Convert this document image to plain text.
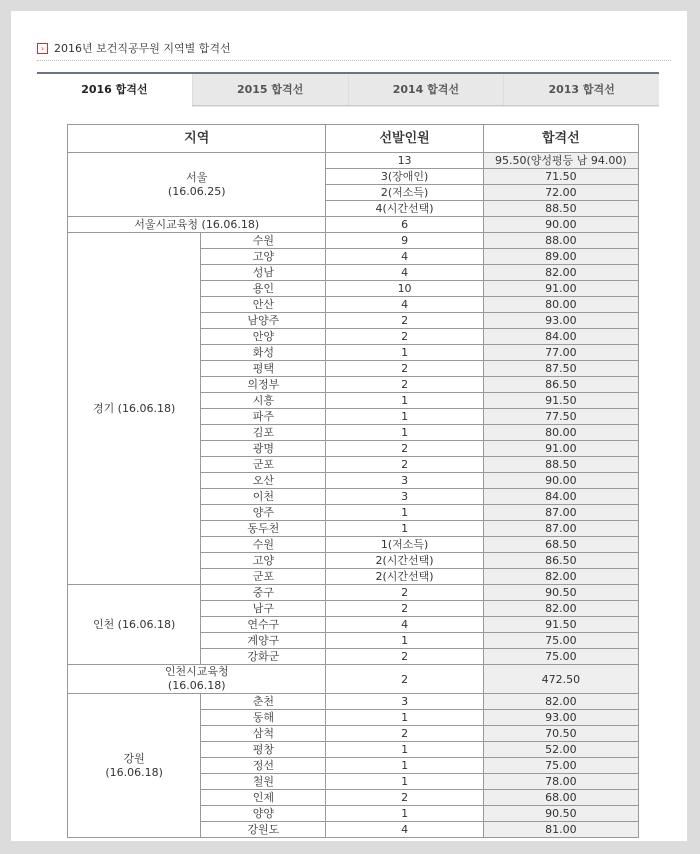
› 2016년 보건직공무원 지역별 합격선
2016 합격선	2015 합격선	2014 합격선	2013 합격선
지역		선발인원	합격선

서울
(16.06.25)		13	95.50(양성평등 남 94.00)
		3(장애인)	71.50
		2(저소득)	72.00
		4(시간선택)	88.50

서울시교육청 (16.06.18)		6	90.00

경기 (16.06.18)	수원	9	88.00
	고양	4	89.00
	성남	4	82.00
	용인	10	91.00
	안산	4	80.00
	남양주	2	93.00
	안양	2	84.00
	화성	1	77.00
	평택	2	87.50
	의정부	2	86.50
	시흥	1	91.50
	파주	1	77.50
	김포	1	80.00
	광명	2	91.00
	군포	2	88.50
	오산	3	90.00
	이천	3	84.00
	양주	1	87.00
	동두천	1	87.00
	수원	1(저소득)	68.50
	고양	2(시간선택)	86.50
	군포	2(시간선택)	82.00

인천 (16.06.18)	중구	2	90.50
	남구	2	82.00
	연수구	4	91.50
	계양구	1	75.00
	강화군	2	75.00

인천시교육청
(16.06.18)		2	472.50

강원
(16.06.18)	춘천	3	82.00
	동해	1	93.00
	삼척	2	70.50
	평창	1	52.00
	정선	1	75.00
	철원	1	78.00
	인제	2	68.00
	양양	1	90.50
	강원도	4	81.00
